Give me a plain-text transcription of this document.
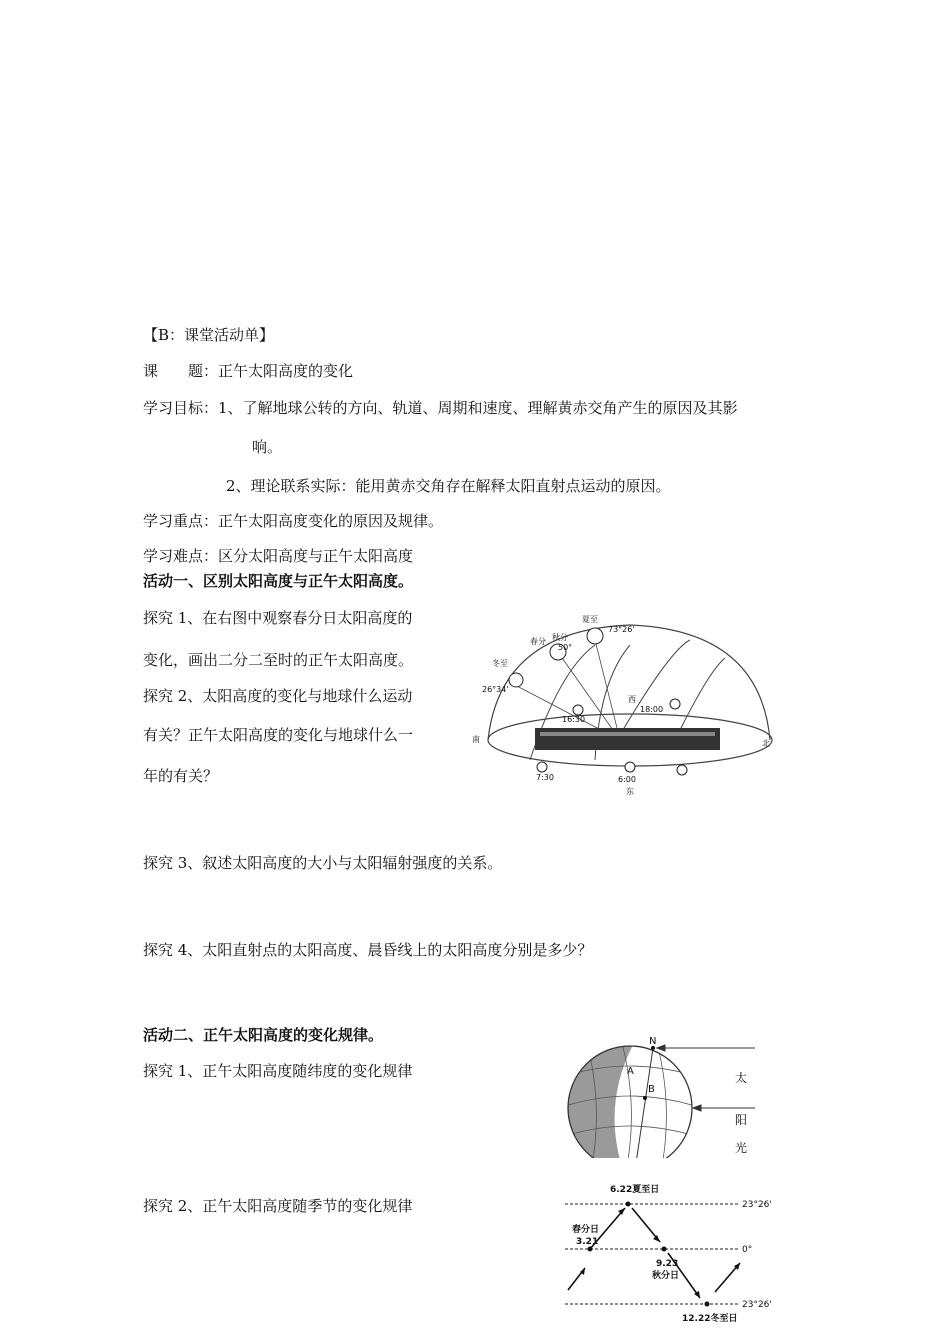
【B：课堂活动单】
课　　题：正午太阳高度的变化
学习目标：1、了解地球公转的方向、轨道、周期和速度、理解黄赤交角产生的原因及其影
响。
2、理论联系实际：能用黄赤交角存在解释太阳直射点运动的原因。
学习重点：正午太阳高度变化的原因及规律。
学习难点：区分太阳高度与正午太阳高度
活动一、区别太阳高度与正午太阳高度。
探究 1、在右图中观察春分日太阳高度的
变化，画出二分二至时的正午太阳高度。
探究 2、太阳高度的变化与地球什么运动
有关？正午太阳高度的变化与地球什么一
年的有关？
探究 3、叙述太阳高度的大小与太阳辐射强度的关系。
探究 4、太阳直射点的太阳高度、晨昏线上的太阳高度分别是多少？
夏至
春分 秋分
冬至
73°26'
50°
26°34'
16:30
西
18:00
南	北
7:30	6:00
东
活动二、正午太阳高度的变化规律。
探究 1、正午太阳高度随纬度的变化规律
探究 2、正午太阳高度随季节的变化规律
N
A
B
太
阳
光
6.22夏至日
春分日
3.21
9.23
秋分日
12.22冬至日
23°26'
0°
23°26'
